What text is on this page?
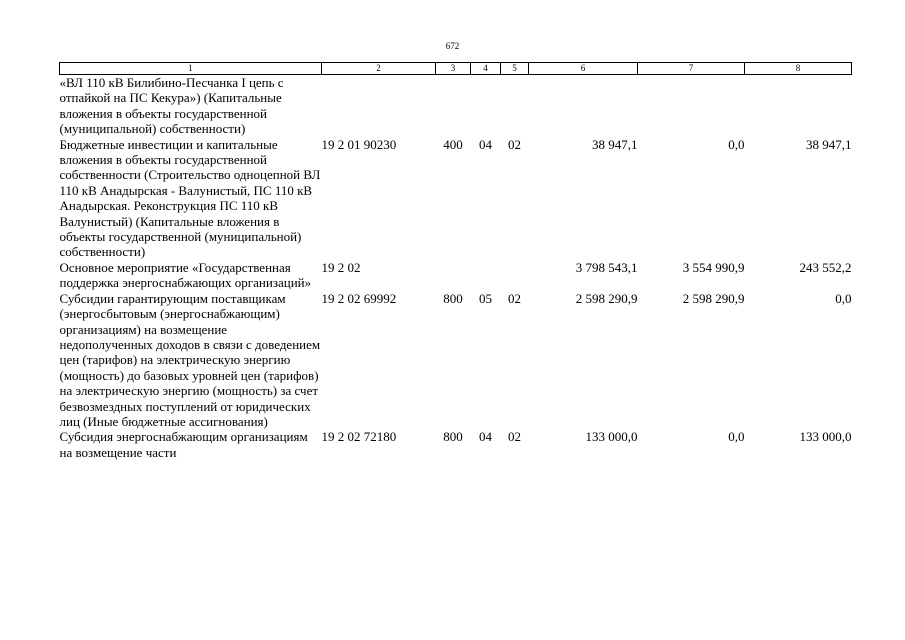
672
1	2	3	4	5	6	7	8
«ВЛ 110 кВ Билибино-Песчанка I цепь с отпайкой на ПС Кекура») (Капитальные вложения в объекты государственной (муниципальной) собственности)							
Бюджетные инвестиции и капитальные вложения в объекты государственной собственности (Строительство одноцепной ВЛ 110 кВ Анадырская - Валунистый, ПС 110 кВ Анадырская. Реконструкция ПС 110 кВ Валунистый) (Капитальные вложения в объекты государственной (муниципальной) собственности)	19 2 01 90230	400	04	02	38 947,1	0,0	38 947,1
Основное мероприятие «Государственная поддержка энергоснабжающих организаций»	19 2 02				3 798 543,1	3 554 990,9	243 552,2
Субсидии гарантирующим поставщикам (энергосбытовым (энергоснабжающим) организациям) на возмещение недополученных доходов в связи с доведением цен (тарифов) на электрическую энергию (мощность) до базовых уровней цен (тарифов) на электрическую энергию (мощность) за счет безвозмездных поступлений от юридических лиц (Иные бюджетные ассигнования)	19 2 02 69992	800	05	02	2 598 290,9	2 598 290,9	0,0
Субсидия энергоснабжающим организациям на возмещение части	19 2 02 72180	800	04	02	133 000,0	0,0	133 000,0
